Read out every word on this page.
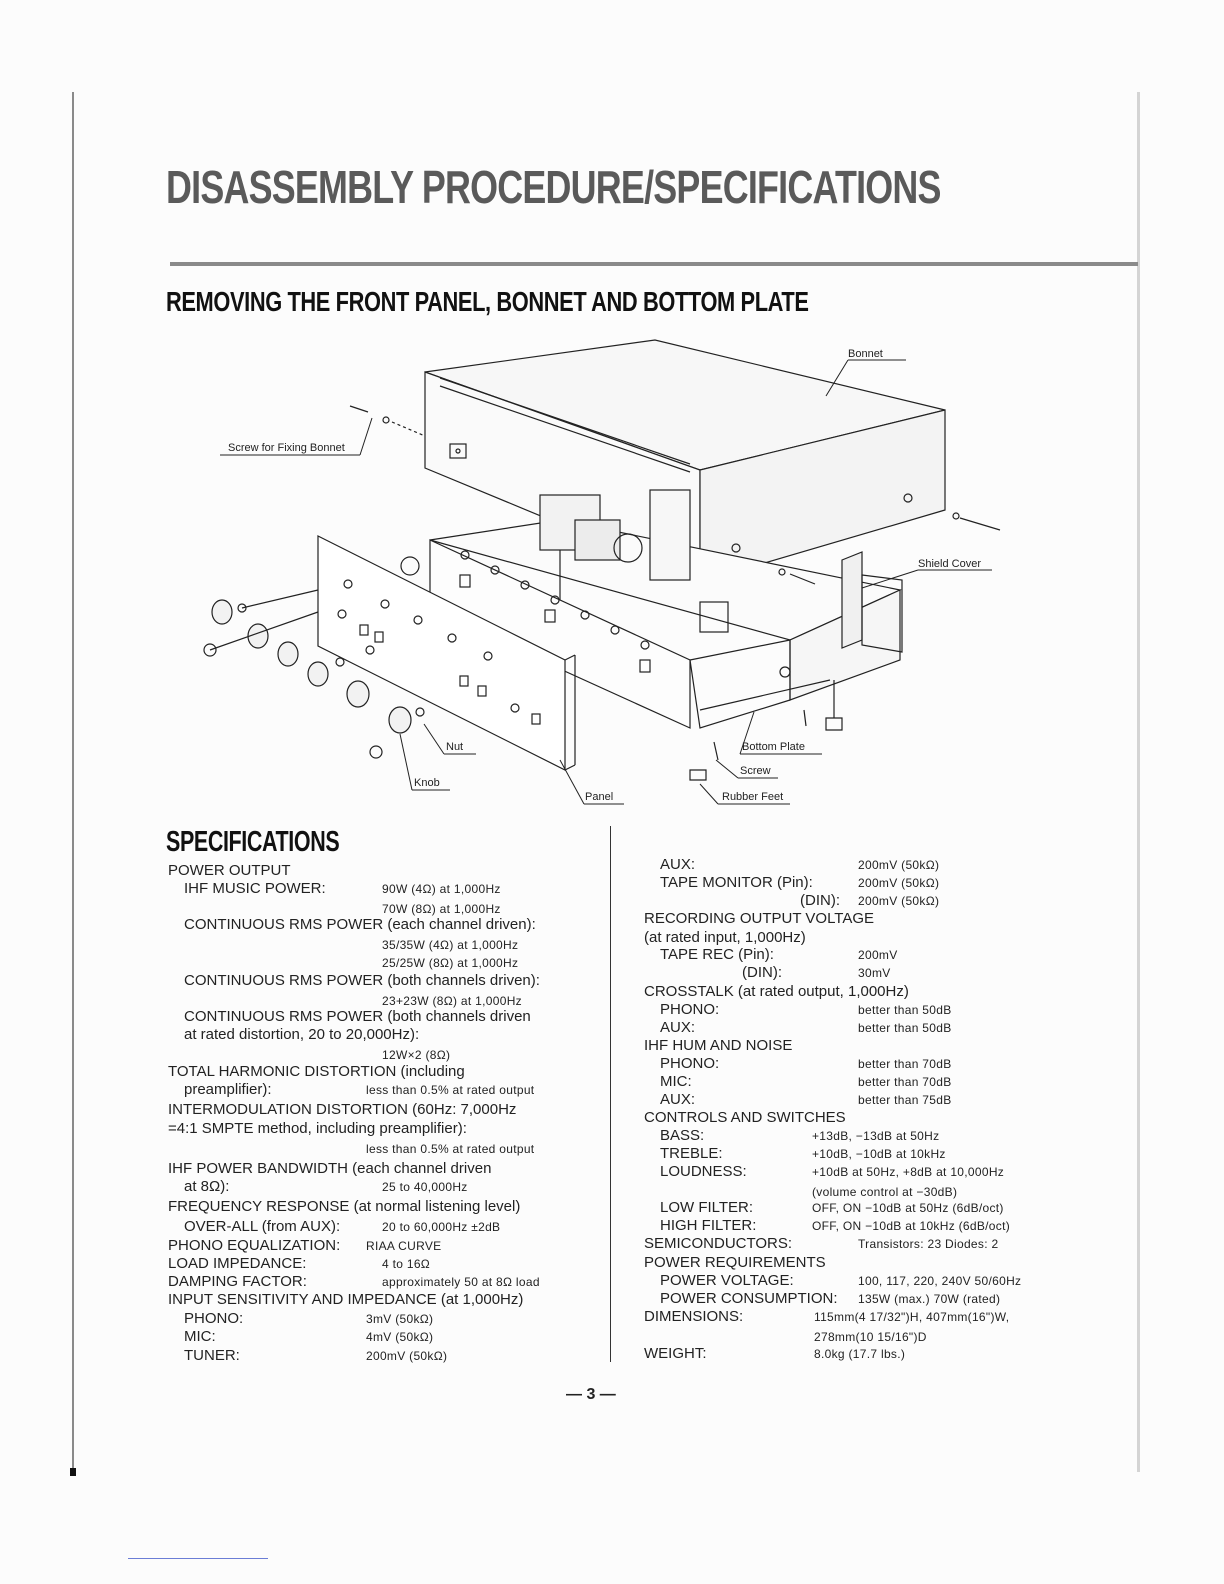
DISASSEMBLY PROCEDURE/SPECIFICATIONS
REMOVING THE FRONT PANEL, BONNET AND BOTTOM PLATE
Bonnet
Screw for Fixing Bonnet
Shield Cover
Nut
Knob
Panel
Bottom Plate
Screw
Rubber Feet
SPECIFICATIONS
POWER OUTPUT
IHF MUSIC POWER:	90W (4Ω) at 1,000Hz
70W (8Ω) at 1,000Hz
CONTINUOUS RMS POWER (each channel driven):
35/35W (4Ω) at 1,000Hz
25/25W (8Ω) at 1,000Hz
CONTINUOUS RMS POWER (both channels driven):
23+23W (8Ω) at 1,000Hz
CONTINUOUS RMS POWER (both channels driven
at rated distortion, 20 to 20,000Hz):
12W×2 (8Ω)
TOTAL HARMONIC DISTORTION (including
preamplifier):	less than 0.5% at rated output
INTERMODULATION DISTORTION (60Hz: 7,000Hz
=4:1 SMPTE method, including preamplifier):
less than 0.5% at rated output
IHF POWER BANDWIDTH (each channel driven
at 8Ω):	25 to 40,000Hz
FREQUENCY RESPONSE (at normal listening level)
OVER-ALL (from AUX):	20 to 60,000Hz ±2dB
PHONO EQUALIZATION: RIAA CURVE
LOAD IMPEDANCE:	4 to 16Ω
DAMPING FACTOR:	approximately 50 at 8Ω load
INPUT SENSITIVITY AND IMPEDANCE (at 1,000Hz)
PHONO:	3mV (50kΩ)
MIC:	4mV (50kΩ)
TUNER:	200mV (50kΩ)
AUX:	200mV (50kΩ)
TAPE MONITOR (Pin):	200mV (50kΩ)
(DIN): 200mV (50kΩ)
RECORDING OUTPUT VOLTAGE
(at rated input, 1,000Hz)
TAPE REC (Pin):	200mV
(DIN):	30mV
CROSSTALK (at rated output, 1,000Hz)
PHONO:	better than 50dB
AUX:	better than 50dB
IHF HUM AND NOISE
PHONO:	better than 70dB
MIC:	better than 70dB
AUX:	better than 75dB
CONTROLS AND SWITCHES
BASS:	+13dB, −13dB at 50Hz
TREBLE:	+10dB, −10dB at 10kHz
LOUDNESS:	+10dB at 50Hz, +8dB at 10,000Hz
(volume control at −30dB)
LOW FILTER:	OFF, ON −10dB at 50Hz (6dB/oct)
HIGH FILTER:	OFF, ON −10dB at 10kHz (6dB/oct)
SEMICONDUCTORS:	Transistors: 23 Diodes: 2
POWER REQUIREMENTS
POWER VOLTAGE:	100, 117, 220, 240V 50/60Hz
POWER CONSUMPTION: 135W (max.) 70W (rated)
DIMENSIONS:	115mm(4 17/32")H, 407mm(16")W,
278mm(10 15/16")D
WEIGHT:	8.0kg (17.7 lbs.)
— 3 —
